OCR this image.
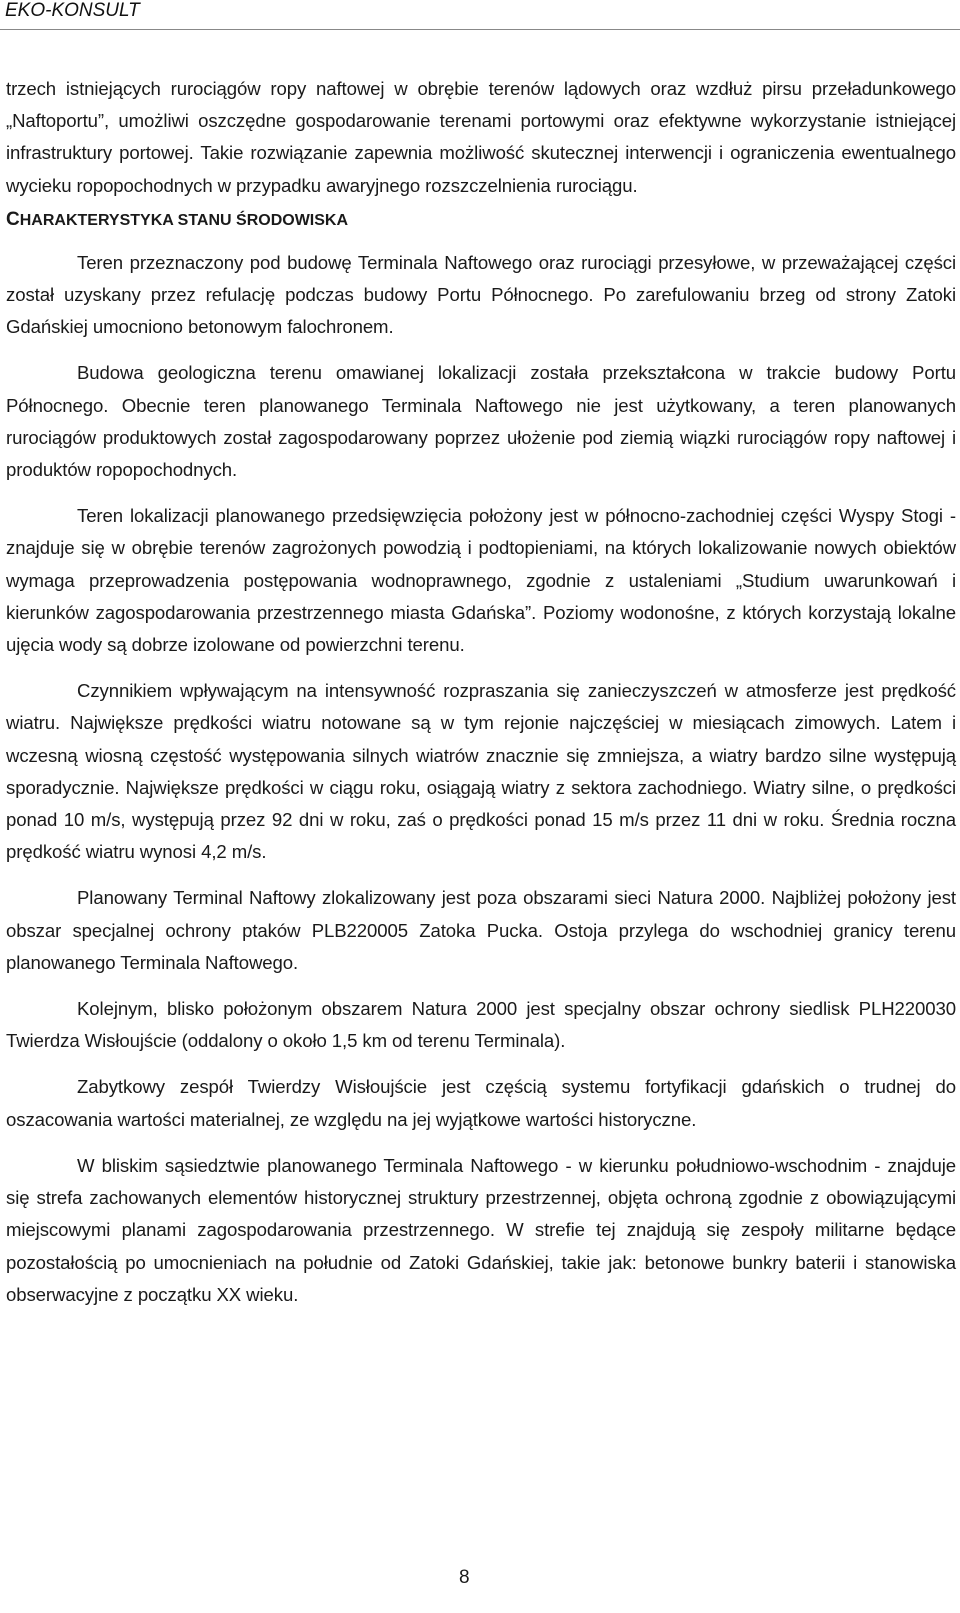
EKO-KONSULT

trzech istniejących rurociągów ropy naftowej w obrębie terenów lądowych oraz wzdłuż pirsu przeładunkowego „Naftoportu”, umożliwi oszczędne gospodarowanie terenami portowymi oraz efektywne wykorzystanie istniejącej infrastruktury portowej. Takie rozwiązanie zapewnia możliwość skutecznej interwencji i ograniczenia ewentualnego wycieku ropopochodnych w przypadku awaryjnego rozszczelnienia rurociągu.

CHARAKTERYSTYKA STANU ŚRODOWISKA

Teren przeznaczony pod budowę Terminala Naftowego oraz rurociągi przesyłowe, w przeważającej części został uzyskany przez refulację podczas budowy Portu Północnego. Po zarefulowaniu brzeg od strony Zatoki Gdańskiej umocniono betonowym falochronem.

Budowa geologiczna terenu omawianej lokalizacji została przekształcona w trakcie budowy Portu Północnego. Obecnie teren planowanego Terminala Naftowego nie jest użytkowany, a teren planowanych rurociągów produktowych został zagospodarowany poprzez ułożenie pod ziemią wiązki rurociągów ropy naftowej i produktów ropopochodnych.

Teren lokalizacji planowanego przedsięwzięcia położony jest w północno-zachodniej części Wyspy Stogi - znajduje się w obrębie terenów zagrożonych powodzią i podtopieniami, na których lokalizowanie nowych obiektów wymaga przeprowadzenia postępowania wodnoprawnego, zgodnie z ustaleniami „Studium uwarunkowań i kierunków zagospodarowania przestrzennego miasta Gdańska”. Poziomy wodonośne, z których korzystają lokalne ujęcia wody są dobrze izolowane od powierzchni terenu.

Czynnikiem wpływającym na intensywność rozpraszania się zanieczyszczeń w atmosferze jest prędkość wiatru. Największe prędkości wiatru notowane są w tym rejonie najczęściej w miesiącach zimowych. Latem i wczesną wiosną częstość występowania silnych wiatrów znacznie się zmniejsza, a wiatry bardzo silne występują sporadycznie. Największe prędkości w ciągu roku, osiągają wiatry z sektora zachodniego. Wiatry silne, o prędkości ponad 10 m/s, występują przez 92 dni w roku, zaś o prędkości ponad 15 m/s przez 11 dni w roku. Średnia roczna prędkość wiatru wynosi 4,2 m/s.

Planowany Terminal Naftowy zlokalizowany jest poza obszarami sieci Natura 2000. Najbliżej położony jest obszar specjalnej ochrony ptaków PLB220005 Zatoka Pucka. Ostoja przylega do wschodniej granicy terenu planowanego Terminala Naftowego.

Kolejnym, blisko położonym obszarem Natura 2000 jest specjalny obszar ochrony siedlisk PLH220030 Twierdza Wisłoujście (oddalony o około 1,5 km od terenu Terminala).

Zabytkowy zespół Twierdzy Wisłoujście jest częścią systemu fortyfikacji gdańskich o trudnej do oszacowania wartości materialnej, ze względu na jej wyjątkowe wartości historyczne.

W bliskim sąsiedztwie planowanego Terminala Naftowego - w kierunku południowo-wschodnim - znajduje się strefa zachowanych elementów historycznej struktury przestrzennej, objęta ochroną zgodnie z obowiązującymi miejscowymi planami zagospodarowania przestrzennego. W strefie tej znajdują się zespoły militarne będące pozostałością po umocnieniach na południe od Zatoki Gdańskiej, takie jak: betonowe bunkry baterii i stanowiska obserwacyjne z początku XX wieku.

8
